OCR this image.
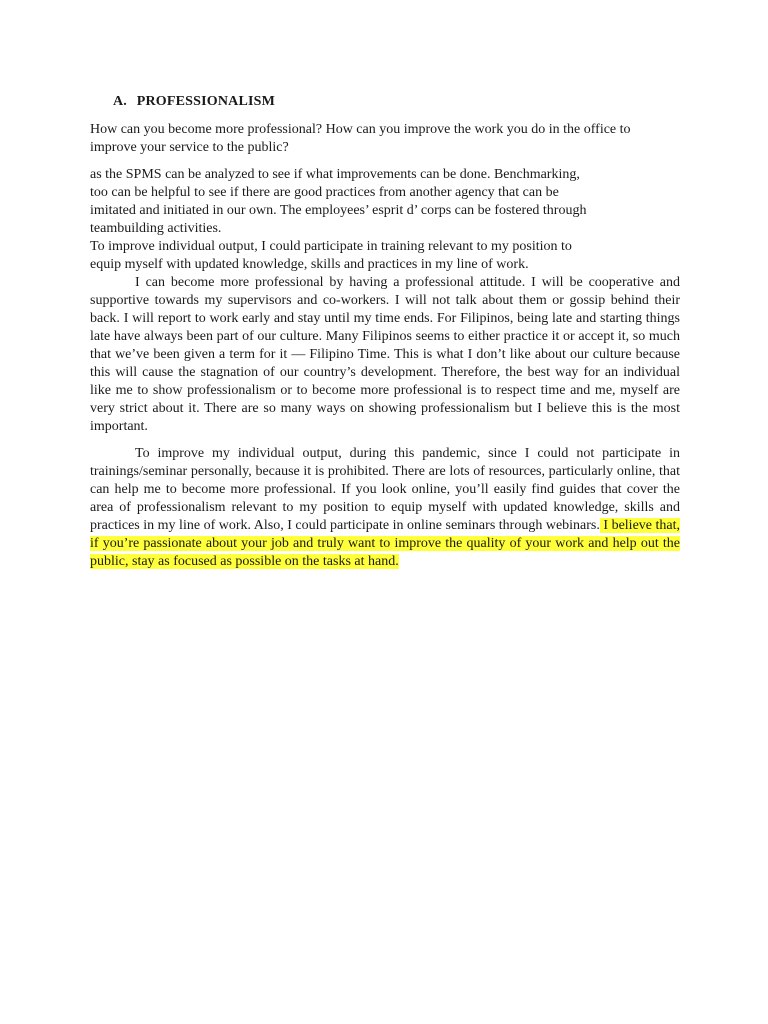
A. PROFESSIONALISM
How can you become more professional? How can you improve the work you do in the office to improve your service to the public?
as the SPMS can be analyzed to see if what improvements can be done. Benchmarking,
too can be helpful to see if there are good practices from another agency that can be
imitated and initiated in our own. The employees’ esprit d’ corps can be fostered through
teambuilding activities.
To improve individual output, I could participate in training relevant to my position to
equip myself with updated knowledge, skills and practices in my line of work.
I can become more professional by having a professional attitude. I will be cooperative and supportive towards my supervisors and co-workers. I will not talk about them or gossip behind their back. I will report to work early and stay until my time ends. For Filipinos, being late and starting things late have always been part of our culture. Many Filipinos seems to either practice it or accept it, so much that we’ve been given a term for it — Filipino Time. This is what I don’t like about our culture because this will cause the stagnation of our country’s development. Therefore, the best way for an individual like me to show professionalism or to become more professional is to respect time and me, myself are very strict about it. There are so many ways on showing professionalism but I believe this is the most important.
To improve my individual output, during this pandemic, since I could not participate in trainings/seminar personally, because it is prohibited. There are lots of resources, particularly online, that can help me to become more professional. If you look online, you’ll easily find guides that cover the area of professionalism relevant to my position to equip myself with updated knowledge, skills and practices in my line of work. Also, I could participate in online seminars through webinars. I believe that, if you’re passionate about your job and truly want to improve the quality of your work and help out the public, stay as focused as possible on the tasks at hand.
